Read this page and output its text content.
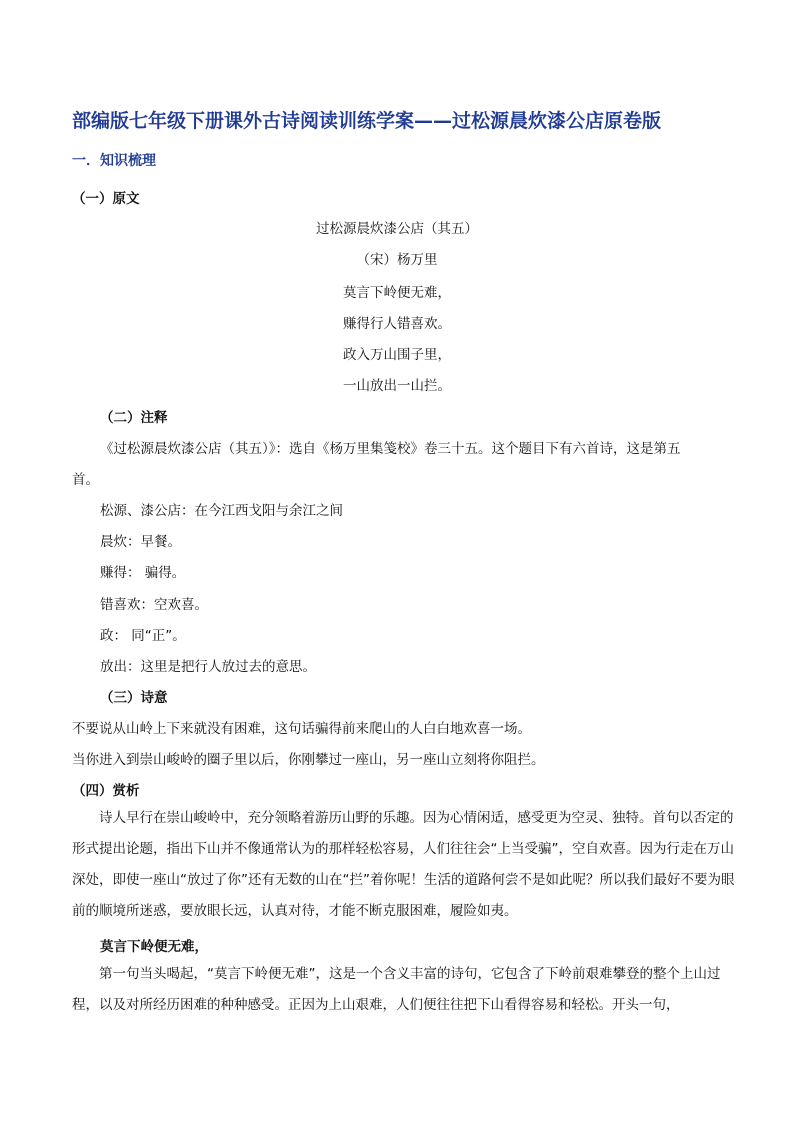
部编版七年级下册课外古诗阅读训练学案——过松源晨炊漆公店原卷版
一．知识梳理
（一）原文
过松源晨炊漆公店（其五）
（宋）杨万里
莫言下岭便无难，
赚得行人错喜欢。
政入万山围子里，
一山放出一山拦。
（二）注释
《过松源晨炊漆公店（其五）》：选自《杨万里集笺校》卷三十五。这个题目下有六首诗，这是第五
首。
松源、漆公店：在今江西戈阳与余江之间
晨炊：早餐。
赚得： 骗得。
错喜欢：空欢喜。
政： 同“正”。
放出：这里是把行人放过去的意思。
（三）诗意
不要说从山岭上下来就没有困难，这句话骗得前来爬山的人白白地欢喜一场。
当你进入到崇山峻岭的圈子里以后，你刚攀过一座山，另一座山立刻将你阻拦。
（四）赏析
诗人早行在崇山峻岭中，充分领略着游历山野的乐趣。因为心情闲适，感受更为空灵、独特。首句以否定的形式提出论题，指出下山并不像通常认为的那样轻松容易，人们往往会“上当受骗”，空自欢喜。因为行走在万山深处，即使一座山“放过了你”还有无数的山在“拦”着你呢！生活的道路何尝不是如此呢？所以我们最好不要为眼前的顺境所迷惑，要放眼长远，认真对待，才能不断克服困难，履险如夷。
莫言下岭便无难，
第一句当头喝起，“莫言下岭便无难”，这是一个含义丰富的诗句，它包含了下岭前艰难攀登的整个上山过程，以及对所经历困难的种种感受。正因为上山艰难，人们便往往把下山看得容易和轻松。开头一句，
